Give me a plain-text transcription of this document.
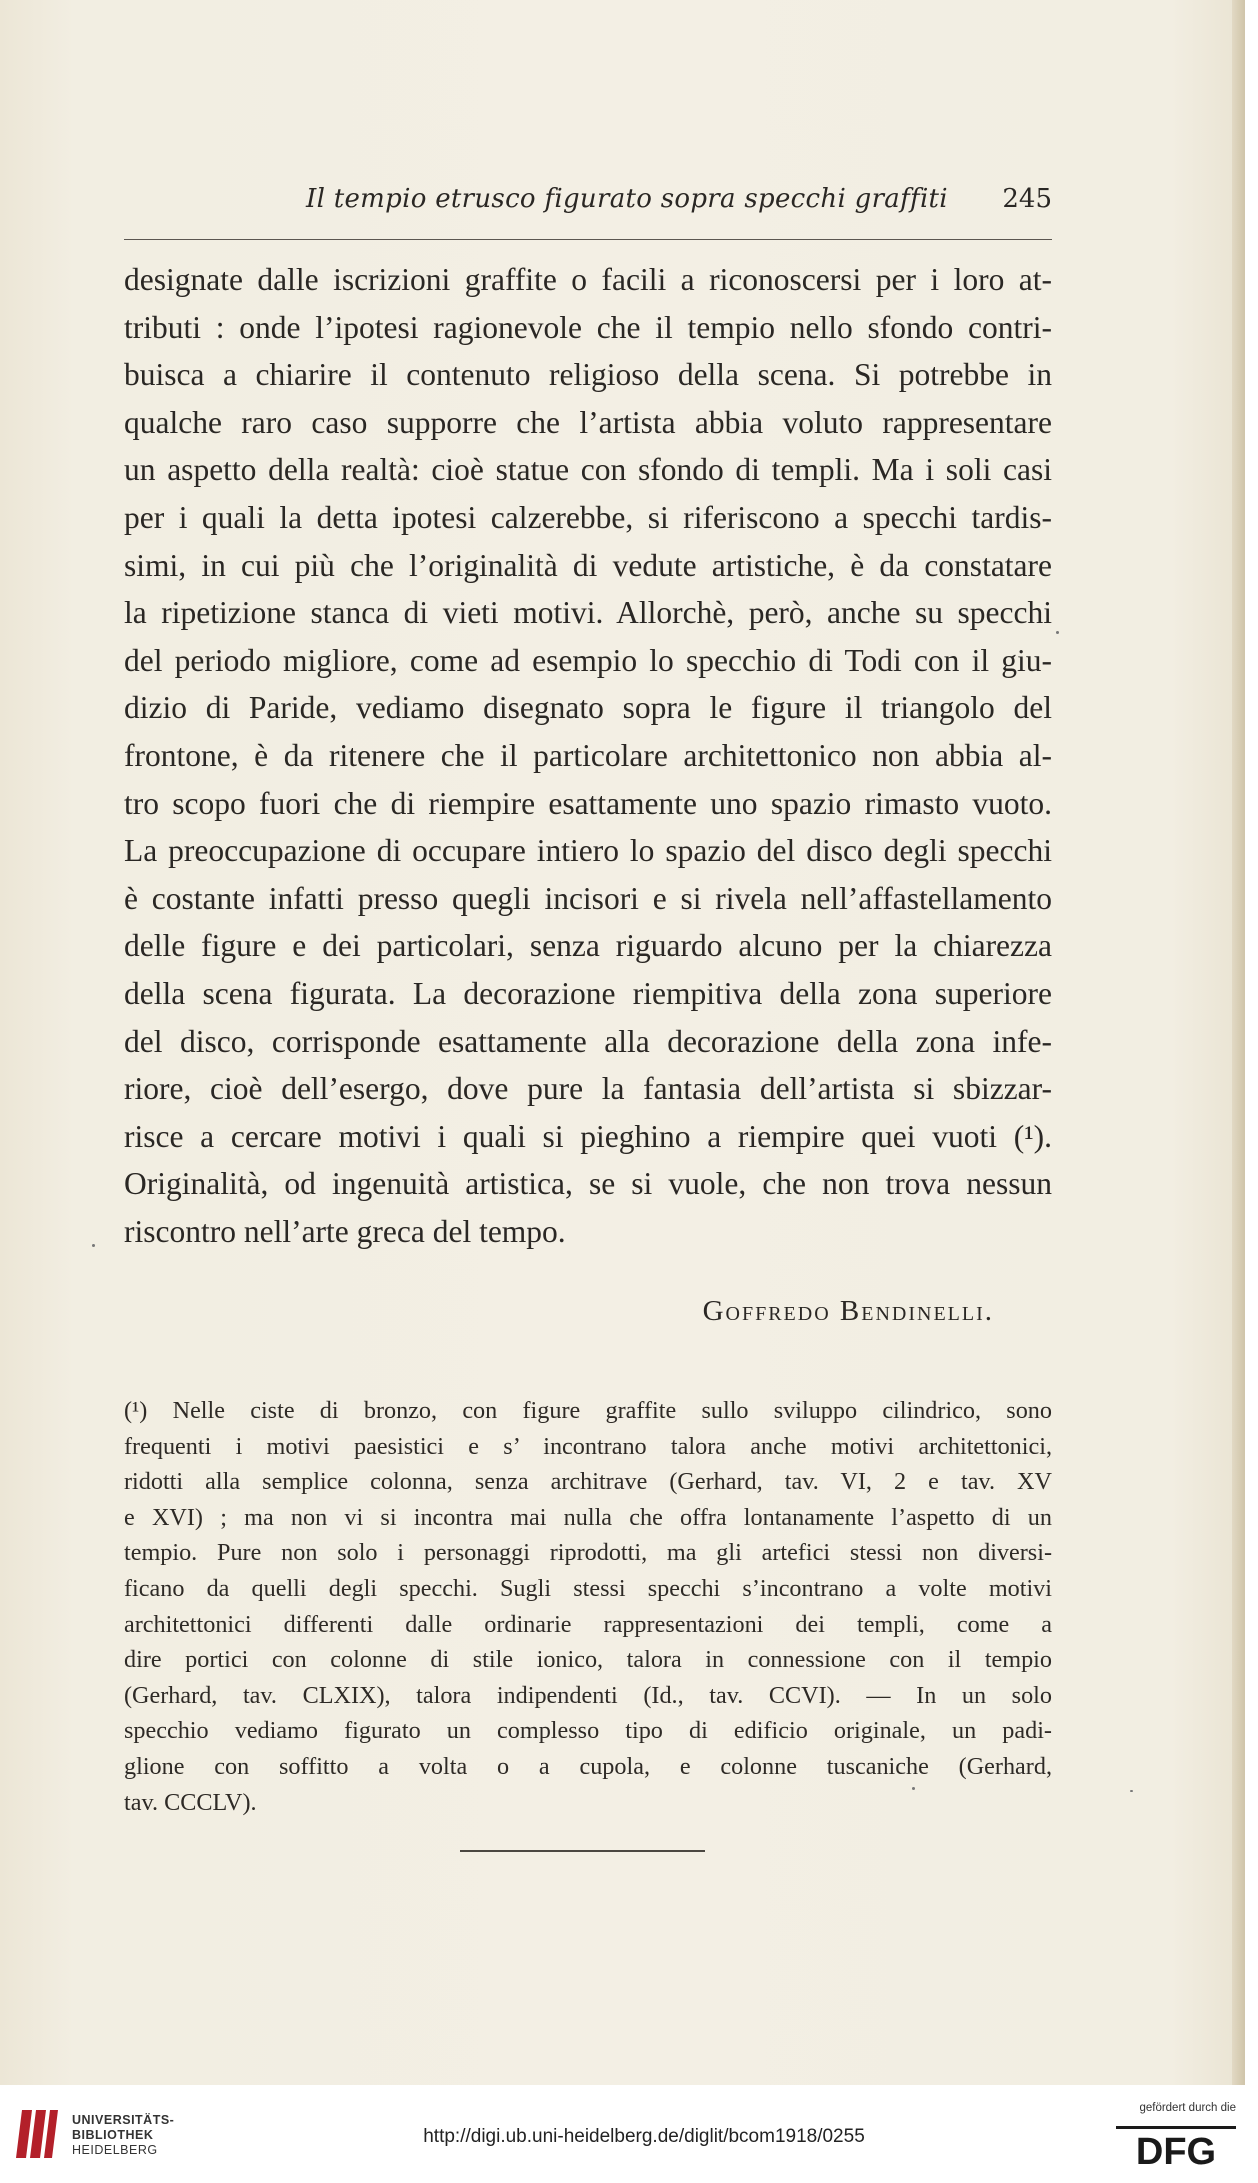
Il tempio etrusco figurato sopra specchi graffiti 245
designate dalle iscrizioni graffite o facili a riconoscersi per i loro at-
tributi : onde l’ipotesi ragionevole che il tempio nello sfondo contri-
buisca a chiarire il contenuto religioso della scena. Si potrebbe in
qualche raro caso supporre che l’artista abbia voluto rappresentare
un aspetto della realtà: cioè statue con sfondo di templi. Ma i soli casi
per i quali la detta ipotesi calzerebbe, si riferiscono a specchi tardis-
simi, in cui più che l’originalità di vedute artistiche, è da constatare
la ripetizione stanca di vieti motivi. Allorchè, però, anche su specchi
del periodo migliore, come ad esempio lo specchio di Todi con il giu-
dizio di Paride, vediamo disegnato sopra le figure il triangolo del
frontone, è da ritenere che il particolare architettonico non abbia al-
tro scopo fuori che di riempire esattamente uno spazio rimasto vuoto.
La preoccupazione di occupare intiero lo spazio del disco degli specchi
è costante infatti presso quegli incisori e si rivela nell’affastellamento
delle figure e dei particolari, senza riguardo alcuno per la chiarezza
della scena figurata. La decorazione riempitiva della zona superiore
del disco, corrisponde esattamente alla decorazione della zona infe-
riore, cioè dell’esergo, dove pure la fantasia dell’artista si sbizzar-
risce a cercare motivi i quali si pieghino a riempire quei vuoti (¹).
Originalità, od ingenuità artistica, se si vuole, che non trova nessun
riscontro nell’arte greca del tempo.
Goffredo Bendinelli.
(¹) Nelle ciste di bronzo, con figure graffite sullo sviluppo cilindrico, sono
frequenti i motivi paesistici e s’ incontrano talora anche motivi architettonici,
ridotti alla semplice colonna, senza architrave (Gerhard, tav. VI, 2 e tav. XV
e XVI) ; ma non vi si incontra mai nulla che offra lontanamente l’aspetto di un
tempio. Pure non solo i personaggi riprodotti, ma gli artefici stessi non diversi-
ficano da quelli degli specchi. Sugli stessi specchi s’incontrano a volte motivi
architettonici differenti dalle ordinarie rappresentazioni dei templi, come a
dire portici con colonne di stile ionico, talora in connessione con il tempio
(Gerhard, tav. CLXIX), talora indipendenti (Id., tav. CCVI). — In un solo
specchio vediamo figurato un complesso tipo di edificio originale, un padi-
glione con soffitto a volta o a cupola, e colonne tuscaniche (Gerhard,
tav. CCCLV).
UNIVERSITÄTS-
BIBLIOTHEK
HEIDELBERG
http://digi.ub.uni-heidelberg.de/diglit/bcom1918/0255
gefördert durch die
DFG
